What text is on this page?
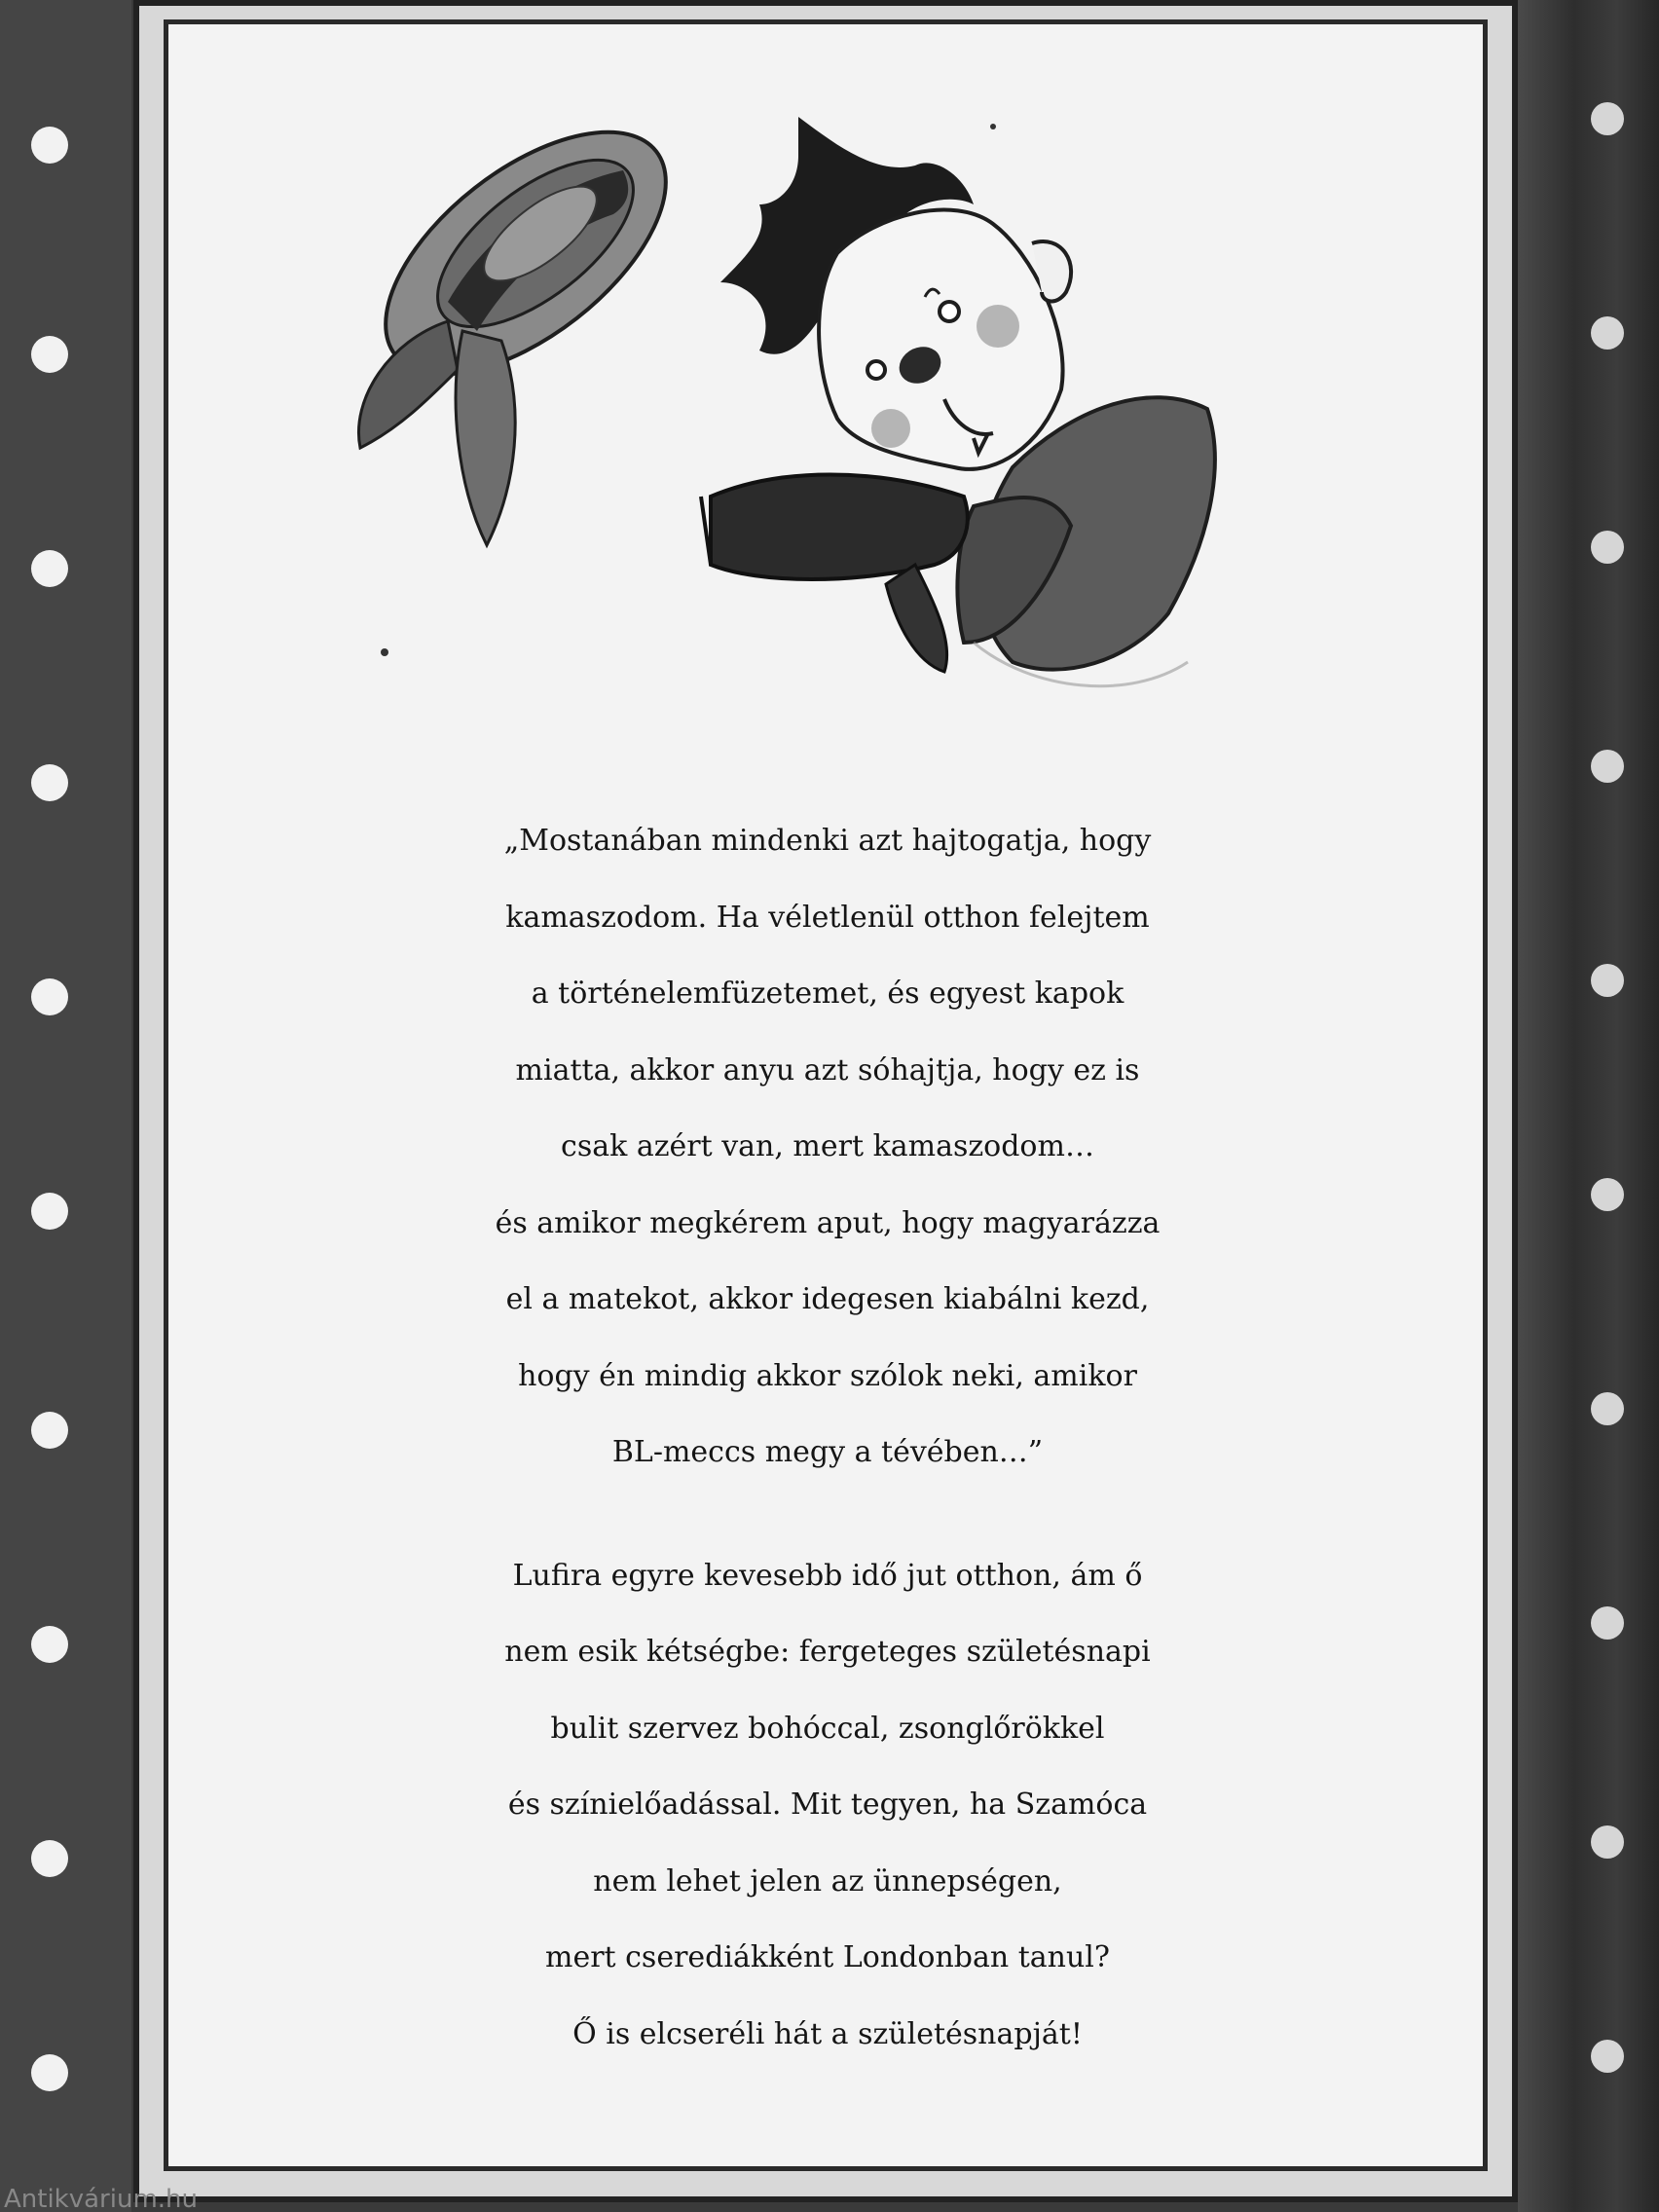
„Mostanában mindenki azt hajtogatja, hogy
kamaszodom. Ha véletlenül otthon felejtem
a történelemfüzetemet, és egyest kapok
miatta, akkor anyu azt sóhajtja, hogy ez is
csak azért van, mert kamaszodom…
és amikor megkérem aput, hogy magyarázza
el a matekot, akkor idegesen kiabálni kezd,
hogy én mindig akkor szólok neki, amikor
BL-meccs megy a tévében…”

Lufira egyre kevesebb idő jut otthon, ám ő
nem esik kétségbe: fergeteges születésnapi
bulit szervez bohóccal, zsonglőrökkel
és színielőadással. Mit tegyen, ha Szamóca
nem lehet jelen az ünnepségen,
mert cserediákként Londonban tanul?
Ő is elcseréli hát a születésnapját!

Antikvárium.hu
